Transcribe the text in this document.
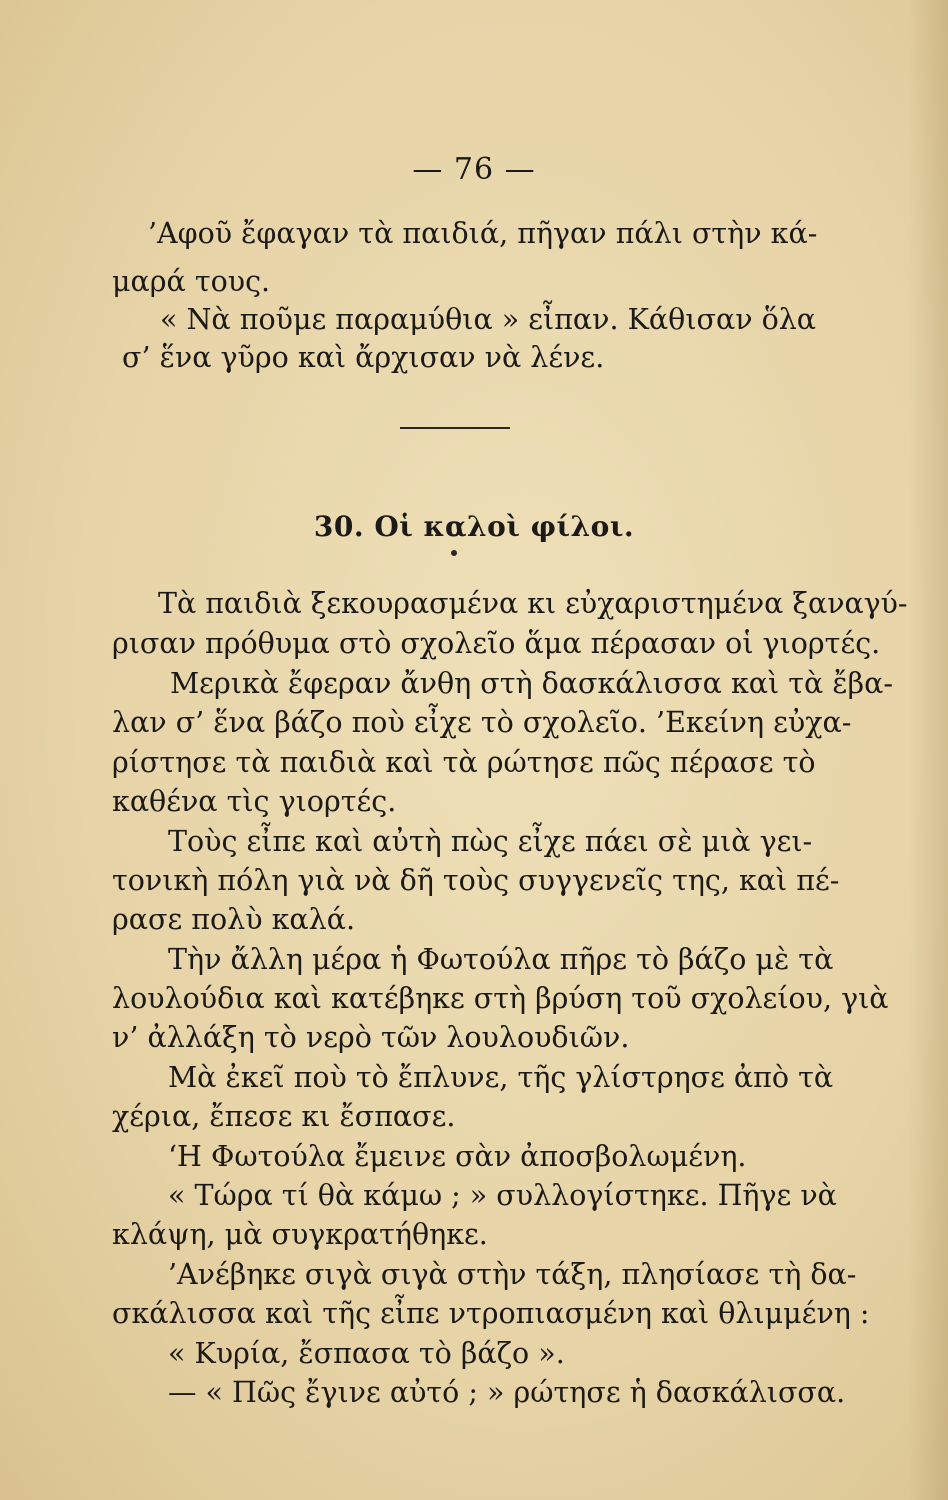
— 76 —
’Αφοῦ ἔφαγαν τὰ παιδιά, πῆγαν πάλι στὴν κά-
μαρά τους.
« Νὰ ποῦμε παραμύθια » εἶπαν. Κάθισαν ὅλα
σ’ ἕνα γῦρο καὶ ἄρχισαν νὰ λένε.
30. Οἱ καλοὶ φίλοι.
Τὰ παιδιὰ ξεκουρασμένα κι εὐχαριστημένα ξαναγύ-
ρισαν πρόθυμα στὸ σχολεῖο ἅμα πέρασαν οἱ γιορτές.
Μερικὰ ἔφεραν ἄνθη στὴ δασκάλισσα καὶ τὰ ἔβα-
λαν σ’ ἕνα βάζο ποὺ εἶχε τὸ σχολεῖο. ’Εκείνη εὐχα-
ρίστησε τὰ παιδιὰ καὶ τὰ ρώτησε πῶς πέρασε τὸ
καθένα τὶς γιορτές.
Τοὺς εἶπε καὶ αὐτὴ πὼς εἶχε πάει σὲ μιὰ γει-
τονικὴ πόλη γιὰ νὰ δῆ τοὺς συγγενεῖς της, καὶ πέ-
ρασε πολὺ καλά.
Τὴν ἄλλη μέρα ἡ Φωτούλα πῆρε τὸ βάζο μὲ τὰ
λουλούδια καὶ κατέβηκε στὴ βρύση τοῦ σχολείου, γιὰ
ν’ ἀλλάξη τὸ νερὸ τῶν λουλουδιῶν.
Μὰ ἐκεῖ ποὺ τὸ ἔπλυνε, τῆς γλίστρησε ἀπὸ τὰ
χέρια, ἔπεσε κι ἔσπασε.
‘Η Φωτούλα ἔμεινε σὰν ἀποσβολωμένη.
« Τώρα τί θὰ κάμω ; » συλλογίστηκε. Πῆγε νὰ
κλάψη, μὰ συγκρατήθηκε.
’Ανέβηκε σιγὰ σιγὰ στὴν τάξη, πλησίασε τὴ δα-
σκάλισσα καὶ τῆς εἶπε ντροπιασμένη καὶ θλιμμένη :
« Κυρία, ἔσπασα τὸ βάζο ».
— « Πῶς ἔγινε αὐτό ; » ρώτησε ἡ δασκάλισσα.
